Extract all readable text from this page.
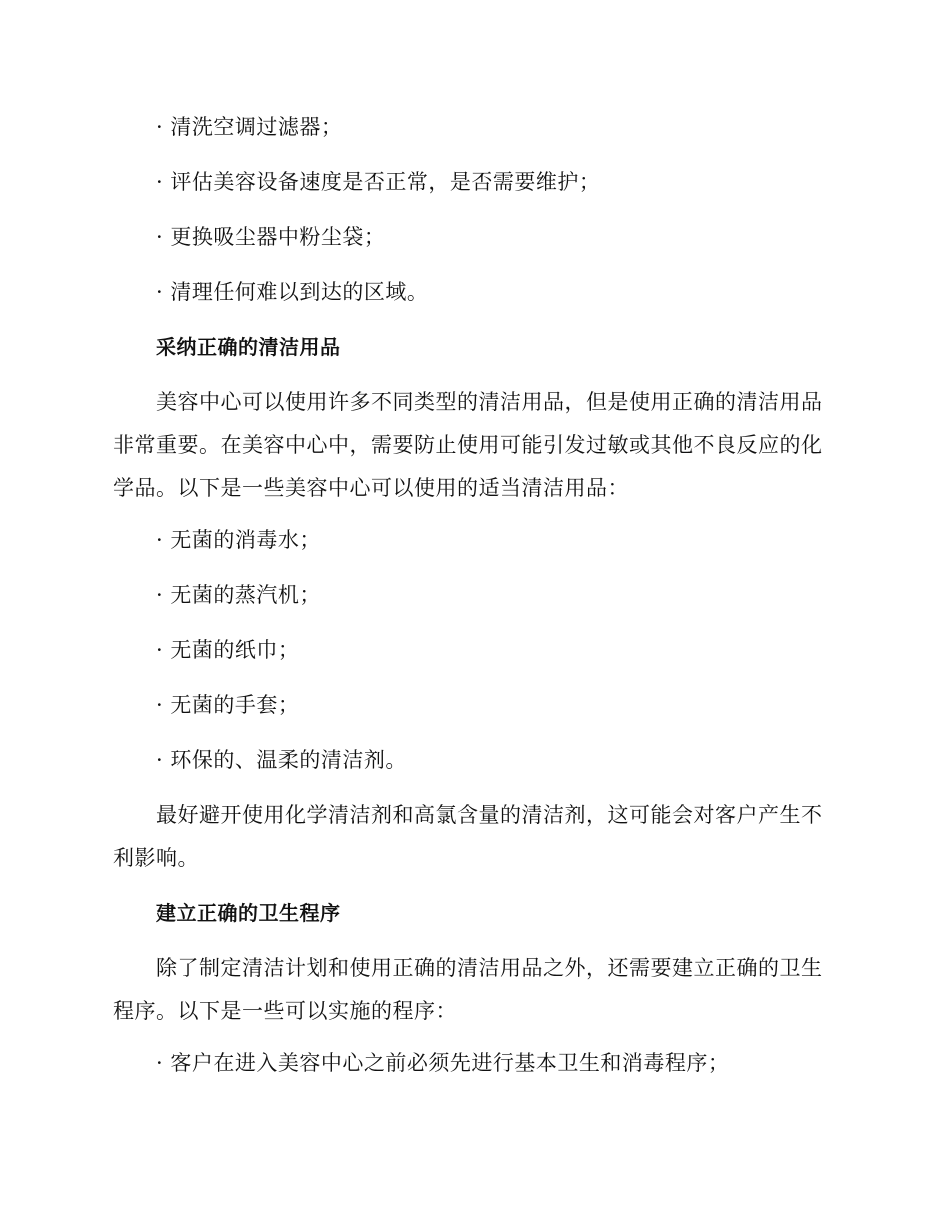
· 清洗空调过滤器；
· 评估美容设备速度是否正常，是否需要维护；
· 更换吸尘器中粉尘袋；
· 清理任何难以到达的区域。
采纳正确的清洁用品
美容中心可以使用许多不同类型的清洁用品，但是使用正确的清洁用品
非常重要。在美容中心中，需要防止使用可能引发过敏或其他不良反应的化
学品。以下是一些美容中心可以使用的适当清洁用品：
· 无菌的消毒水；
· 无菌的蒸汽机；
· 无菌的纸巾；
· 无菌的手套；
· 环保的、温柔的清洁剂。
最好避开使用化学清洁剂和高氯含量的清洁剂，这可能会对客户产生不
利影响。
建立正确的卫生程序
除了制定清洁计划和使用正确的清洁用品之外，还需要建立正确的卫生
程序。以下是一些可以实施的程序：
· 客户在进入美容中心之前必须先进行基本卫生和消毒程序；
